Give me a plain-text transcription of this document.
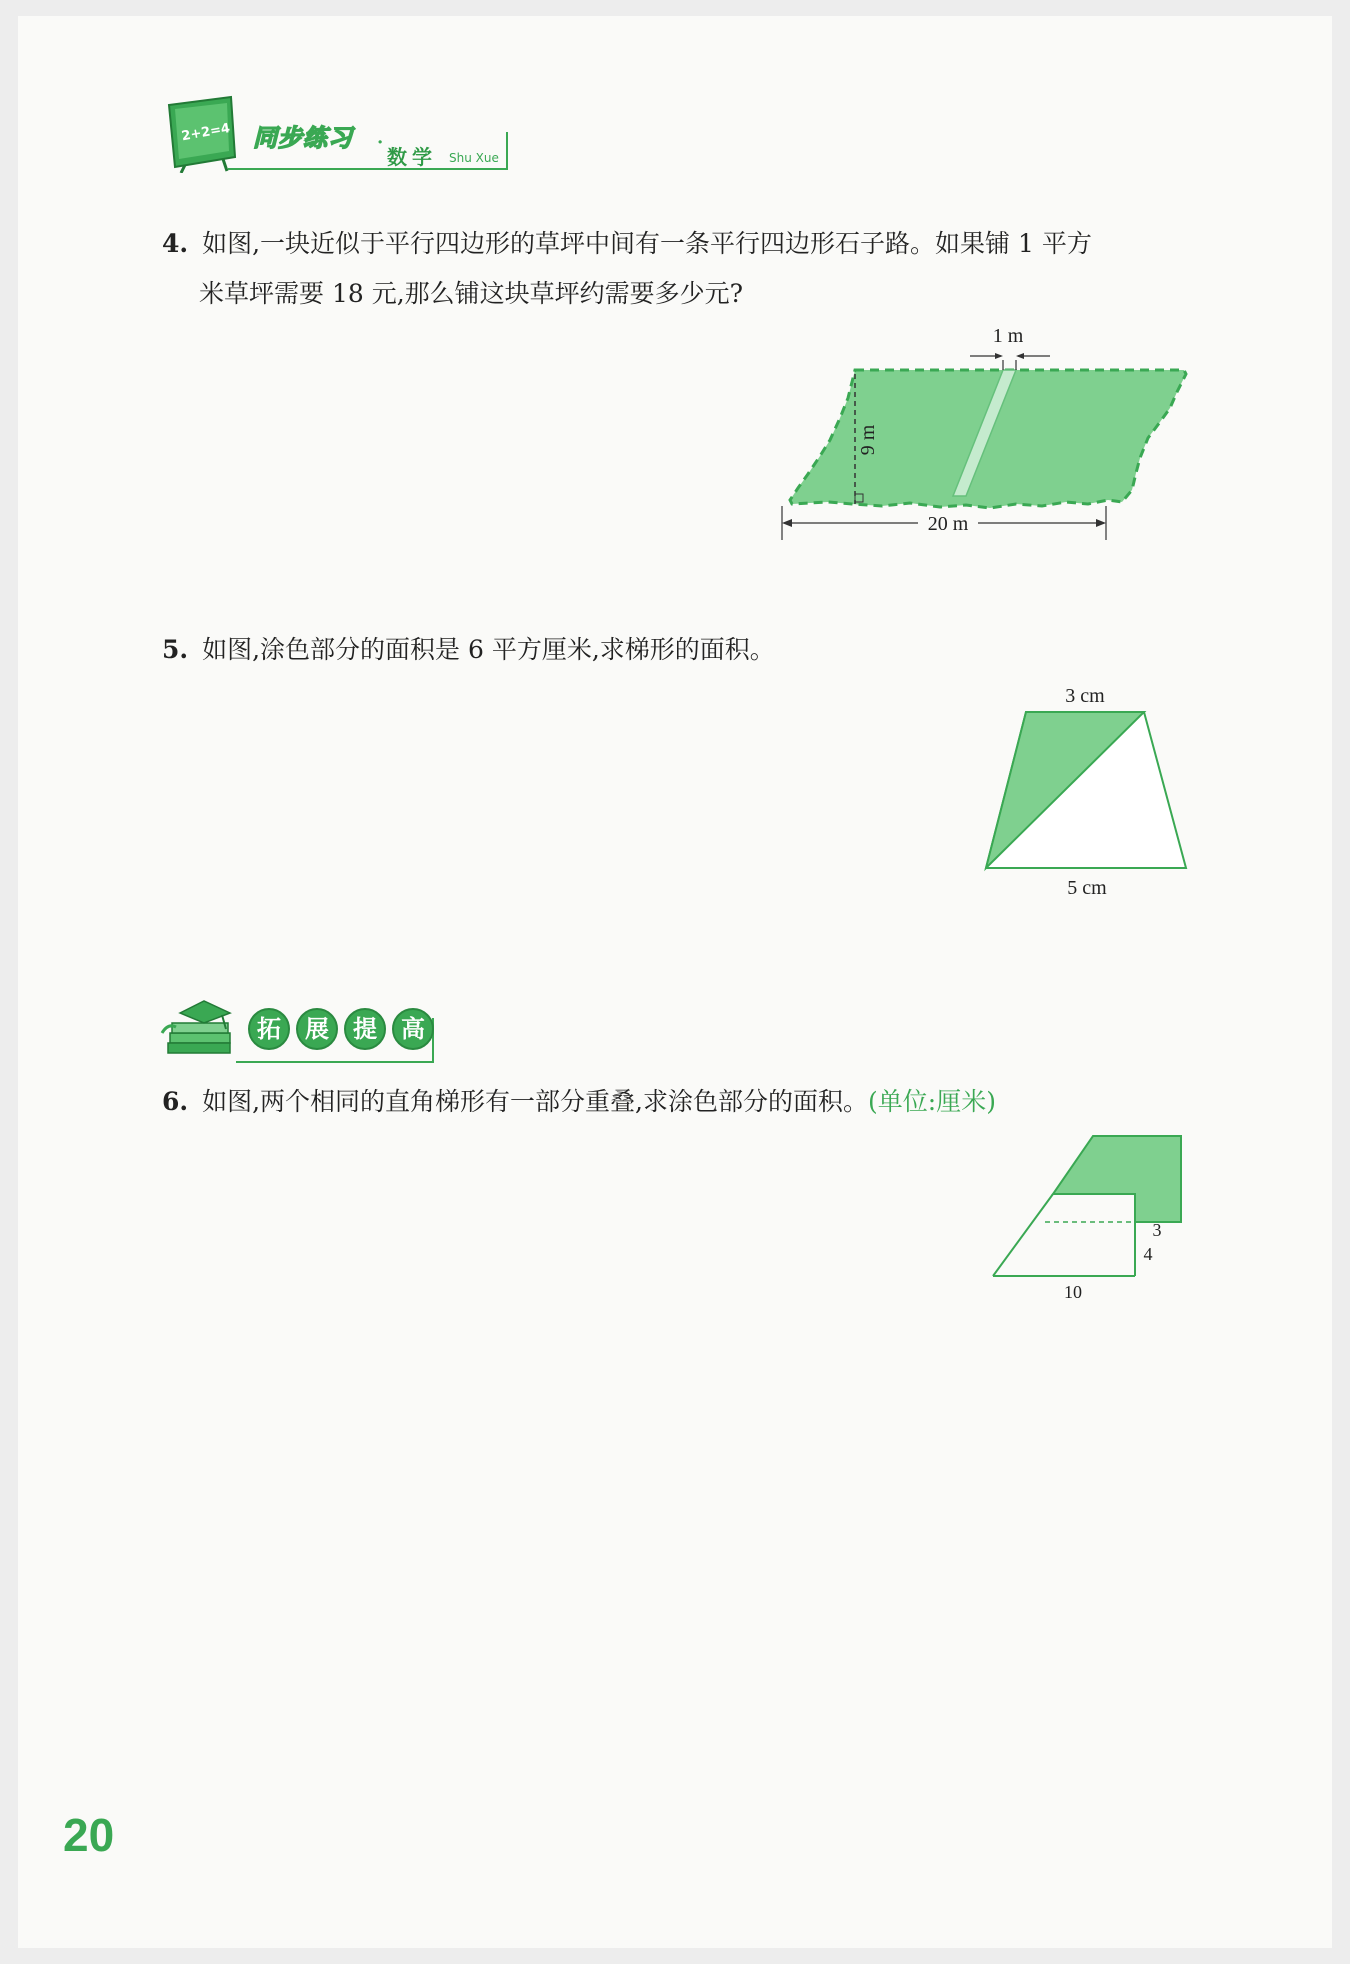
2+2=4 同步练习 ·
数学 Shu Xue
4. 如图,一块近似于平行四边形的草坪中间有一条平行四边形石子路。如果铺 1 平方
米草坪需要 18 元,那么铺这块草坪约需要多少元?
1 m
9 m
20 m
5. 如图,涂色部分的面积是 6 平方厘米,求梯形的面积。
3 cm
5 cm
拓	展	提	高
6. 如图,两个相同的直角梯形有一部分重叠,求涂色部分的面积。(单位:厘米)
3
4
10
20
